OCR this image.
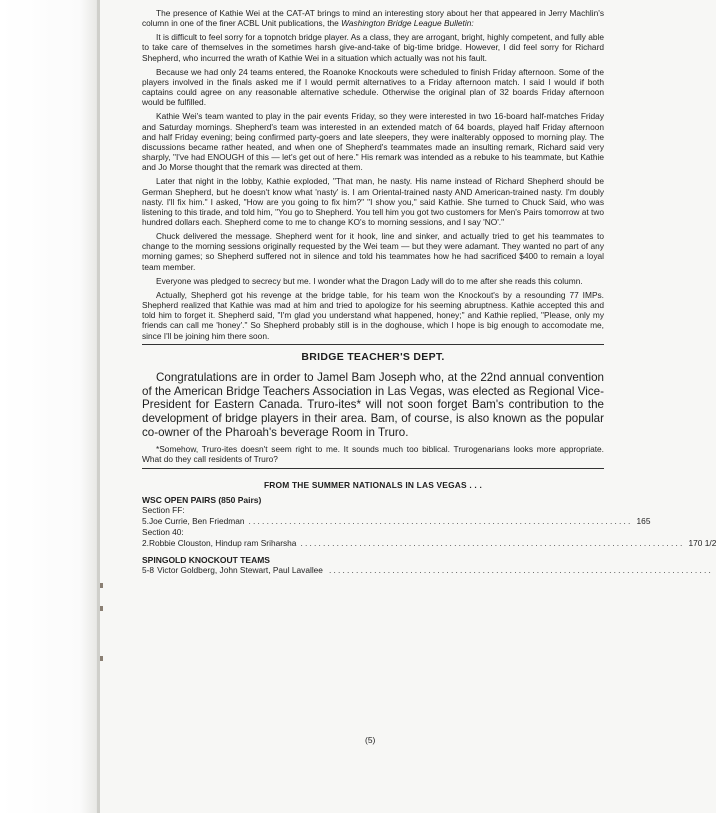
The presence of Kathie Wei at the CAT-AT brings to mind an interesting story about her that appeared in Jerry Machlin's column in one of the finer ACBL Unit publications, the Washington Bridge League Bulletin:

It is difficult to feel sorry for a topnotch bridge player. As a class, they are arrogant, bright, highly competent, and fully able to take care of themselves in the sometimes harsh give-and-take of big-time bridge. However, I did feel sorry for Richard Shepherd, who incurred the wrath of Kathie Wei in a situation which actually was not his fault.

Because we had only 24 teams entered, the Roanoke Knockouts were scheduled to finish Friday afternoon. Some of the players involved in the finals asked me if I would permit alternatives to a Friday afternoon match. I said I would if both captains could agree on any reasonable alternative schedule. Otherwise the original plan of 32 boards Friday afternoon would be fulfilled.

Kathie Wei's team wanted to play in the pair events Friday, so they were interested in two 16-board half-matches Friday and Saturday mornings. Shepherd's team was interested in an extended match of 64 boards, played half Friday afternoon and half Friday evening; being confirmed party-goers and late sleepers, they were inalterably opposed to morning play. The discussions became rather heated, and when one of Shepherd's teammates made an insulting remark, Richard said very sharply, "I've had ENOUGH of this — let's get out of here." His remark was intended as a rebuke to his teammate, but Kathie and Jo Morse thought that the remark was directed at them.

Later that night in the lobby, Kathie exploded, "That man, he nasty. His name instead of Richard Shepherd should be German Shepherd, but he doesn't know what 'nasty' is. I am Oriental-trained nasty AND American-trained nasty. I'm doubly nasty. I'll fix him." I asked, "How are you going to fix him?" "I show you," said Kathie. She turned to Chuck Said, who was listening to this tirade, and told him, "You go to Shepherd. You tell him you got two customers for Men's Pairs tomorrow at two hundred dollars each. Shepherd come to me to change KO's to morning sessions, and I say 'NO'."

Chuck delivered the message. Shepherd went for it hook, line and sinker, and actually tried to get his teammates to change to the morning sessions originally requested by the Wei team — but they were adamant. They wanted no part of any morning games; so Shepherd suffered not in silence and told his teammates how he had sacrificed $400 to remain a loyal team member.

Everyone was pledged to secrecy but me. I wonder what the Dragon Lady will do to me after she reads this column.

Actually, Shepherd got his revenge at the bridge table, for his team won the Knockout's by a resounding 77 IMPs. Shepherd realized that Kathie was mad at him and tried to apologize for his seeming abruptness. Kathie accepted this and told him to forget it. Shepherd said, "I'm glad you understand what happened, honey;" and Kathie replied, "Please, only my friends can call me 'honey'." So Shepherd probably still is in the doghouse, which I hope is big enough to accomodate me, since I'll be joining him there soon.

BRIDGE TEACHER'S DEPT.

Congratulations are in order to Jamel Bam Joseph who, at the 22nd annual convention of the American Bridge Teachers Association in Las Vegas, was elected as Regional Vice-President for Eastern Canada. Truro-ites* will not soon forget Bam's contribution to the development of bridge players in their area. Bam, of course, is also known as the popular co-owner of the Pharoah's beverage Room in Truro.

*Somehow, Truro-ites doesn't seem right to me. It sounds much too biblical. Trurogenarians looks more appropriate. What do they call residents of Truro?

FROM THE SUMMER NATIONALS IN LAS VEGAS . . .
WSC OPEN PAIRS (850 Pairs)
Section FF:
5. Joe Currie, Ben Friedman ..................................................................................... 165
Section 40:
2. Robbie Clouston, Hindup ram Sriharsha ..................................................................................... 170 1/2
SPINGOLD KNOCKOUT TEAMS
5-8 Victor Goldberg, John Stewart, Paul Lavallee .....................................................................................
(5)
